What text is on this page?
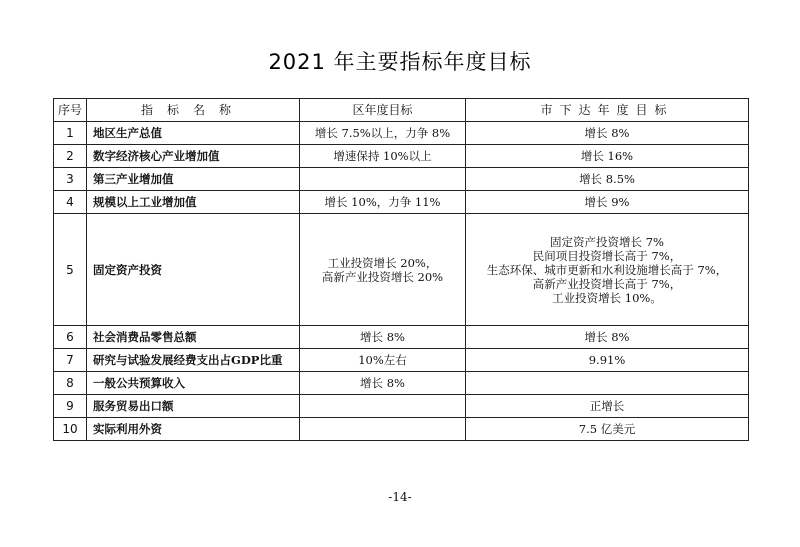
2021 年主要指标年度目标
序号	指标名称	区年度目标	市下达年度目标
1	地区生产总值	增长 7.5%以上，力争 8%	增长 8%

2	数字经济核心产业增加值	增速保持 10%以上	增长 16%

3	第三产业增加值		增长 8.5%

4	规模以上工业增加值	增长 10%，力争 11%	增长 9%

5	固定资产投资	工业投资增长 20%，
高新产业投资增长 20%	固定资产投资增长 7%
民间项目投资增长高于 7%，
生态环保、城市更新和水利设施增长高于 7%，
高新产业投资增长高于 7%，
工业投资增长 10%。

6	社会消费品零售总额	增长 8%	增长 8%

7	研究与试验发展经费支出占GDP比重	10%左右	9.91%

8	一般公共预算收入	增长 8%	

9	服务贸易出口额		正增长

10	实际利用外资		7.5 亿美元
-14-
